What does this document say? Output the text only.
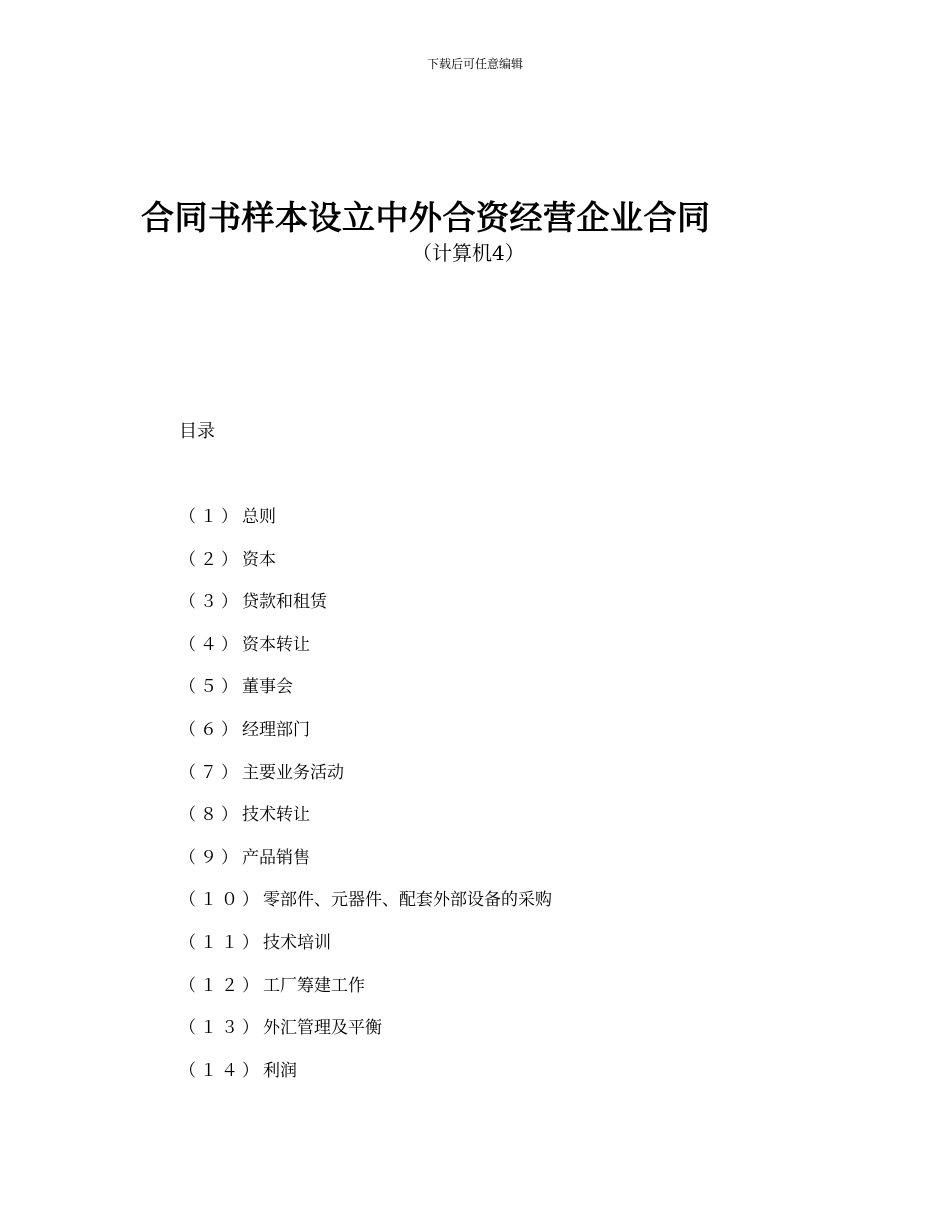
下载后可任意编辑
合同书样本设立中外合资经营企业合同
（计算机4）
目录
（１）总则
（２）资本
（３）贷款和租赁
（４）资本转让
（５）董事会
（６）经理部门
（７）主要业务活动
（８）技术转让
（９）产品销售
（１０）零部件、元器件、配套外部设备的采购
（１１）技术培训
（１２）工厂筹建工作
（１３）外汇管理及平衡
（１４）利润
